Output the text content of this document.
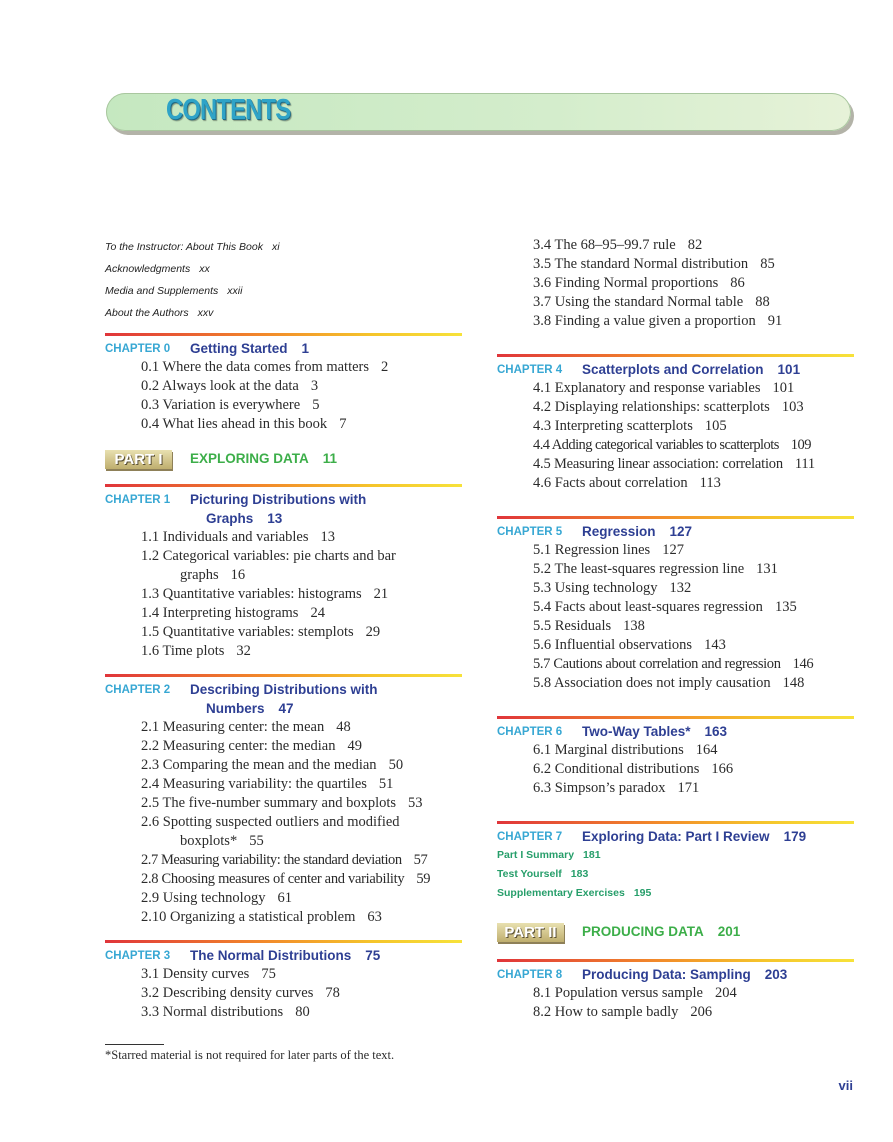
CONTENTS
To the Instructor: About This Book xi
Acknowledgments xx
Media and Supplements xxii
About the Authors xxv
CHAPTER 0 Getting Started 1
0.1 Where the data comes from matters 2
0.2 Always look at the data 3
0.3 Variation is everywhere 5
0.4 What lies ahead in this book 7
PART I	EXPLORING DATA 11
CHAPTER 1 Picturing Distributions with
Graphs 13
1.1 Individuals and variables 13
1.2 Categorical variables: pie charts and bar graphs 16
1.3 Quantitative variables: histograms 21
1.4 Interpreting histograms 24
1.5 Quantitative variables: stemplots 29
1.6 Time plots 32
CHAPTER 2 Describing Distributions with
Numbers 47
2.1 Measuring center: the mean 48
2.2 Measuring center: the median 49
2.3 Comparing the mean and the median 50
2.4 Measuring variability: the quartiles 51
2.5 The five-number summary and boxplots 53
2.6 Spotting suspected outliers and modified boxplots* 55
2.7 Measuring variability: the standard deviation 57
2.8 Choosing measures of center and variability 59
2.9 Using technology 61
2.10 Organizing a statistical problem 63
CHAPTER 3 The Normal Distributions 75
3.1 Density curves 75
3.2 Describing density curves 78
3.3 Normal distributions 80
3.4 The 68–95–99.7 rule 82
3.5 The standard Normal distribution 85
3.6 Finding Normal proportions 86
3.7 Using the standard Normal table 88
3.8 Finding a value given a proportion 91
CHAPTER 4 Scatterplots and Correlation 101
4.1 Explanatory and response variables 101
4.2 Displaying relationships: scatterplots 103
4.3 Interpreting scatterplots 105
4.4 Adding categorical variables to scatterplots 109
4.5 Measuring linear association: correlation 111
4.6 Facts about correlation 113
CHAPTER 5 Regression 127
5.1 Regression lines 127
5.2 The least-squares regression line 131
5.3 Using technology 132
5.4 Facts about least-squares regression 135
5.5 Residuals 138
5.6 Influential observations 143
5.7 Cautions about correlation and regression 146
5.8 Association does not imply causation 148
CHAPTER 6 Two-Way Tables* 163
6.1 Marginal distributions 164
6.2 Conditional distributions 166
6.3 Simpson’s paradox 171
CHAPTER 7 Exploring Data: Part I Review 179
Part I Summary 181
Test Yourself 183
Supplementary Exercises 195
PART II	PRODUCING DATA 201
CHAPTER 8 Producing Data: Sampling 203
8.1 Population versus sample 204
8.2 How to sample badly 206
*Starred material is not required for later parts of the text.
vii
